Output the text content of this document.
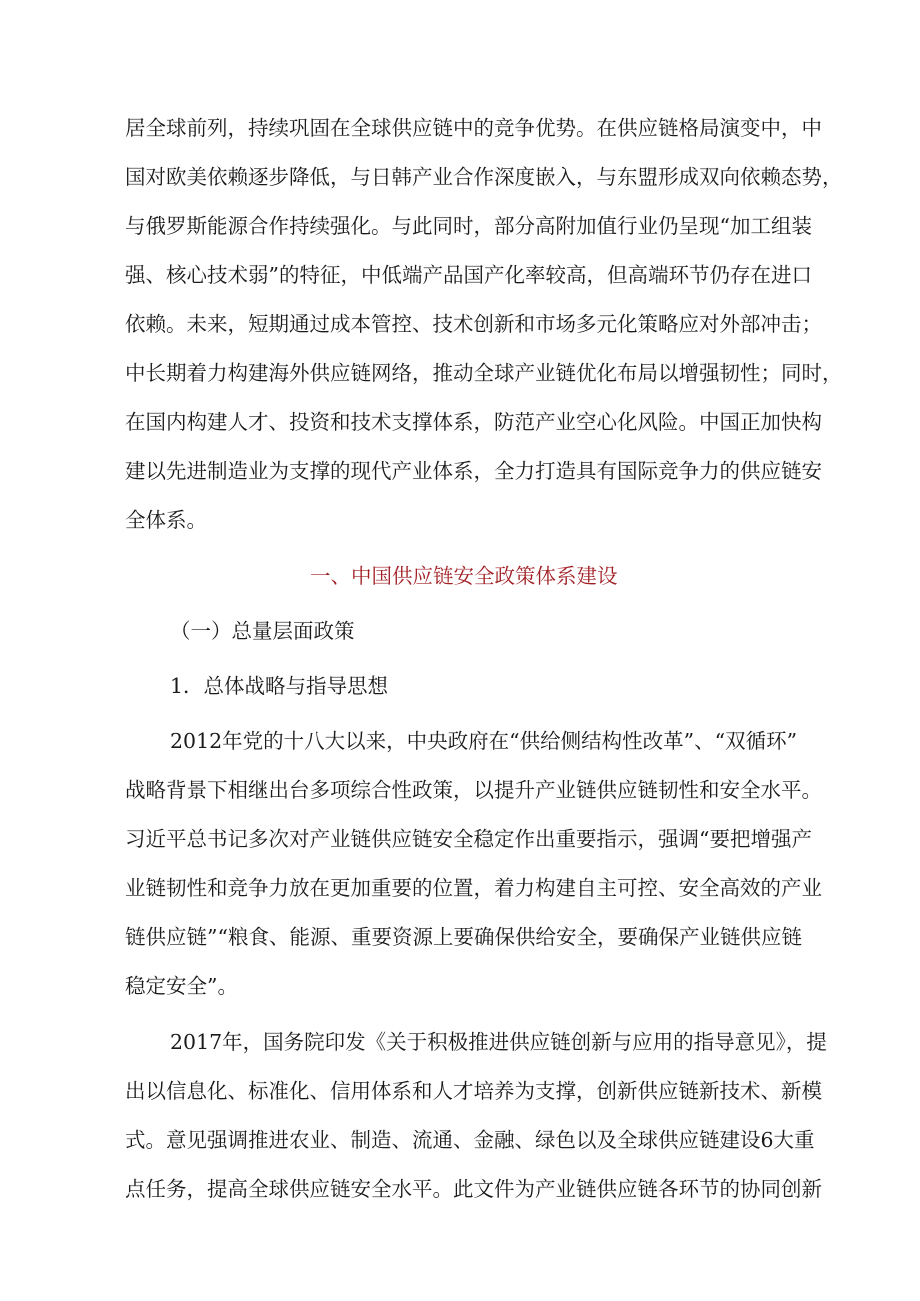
居全球前列，持续巩固在全球供应链中的竞争优势。在供应链格局演变中，中
国对欧美依赖逐步降低，与日韩产业合作深度嵌入，与东盟形成双向依赖态势，
与俄罗斯能源合作持续强化。与此同时，部分高附加值行业仍呈现“加工组装
强、核心技术弱”的特征，中低端产品国产化率较高，但高端环节仍存在进口
依赖。未来，短期通过成本管控、技术创新和市场多元化策略应对外部冲击；
中长期着力构建海外供应链网络，推动全球产业链优化布局以增强韧性；同时，
在国内构建人才、投资和技术支撑体系，防范产业空心化风险。中国正加快构
建以先进制造业为支撑的现代产业体系，全力打造具有国际竞争力的供应链安
全体系。
一、中国供应链安全政策体系建设
（一）总量层面政策
1．总体战略与指导思想
2012年党的十八大以来，中央政府在“供给侧结构性改革”、“双循环”
战略背景下相继出台多项综合性政策，以提升产业链供应链韧性和安全水平。
习近平总书记多次对产业链供应链安全稳定作出重要指示，强调“要把增强产
业链韧性和竞争力放在更加重要的位置，着力构建自主可控、安全高效的产业
链供应链”“粮食、能源、重要资源上要确保供给安全，要确保产业链供应链
稳定安全”。
2017年，国务院印发《关于积极推进供应链创新与应用的指导意见》，提
出以信息化、标准化、信用体系和人才培养为支撑，创新供应链新技术、新模
式。意见强调推进农业、制造、流通、金融、绿色以及全球供应链建设6大重
点任务，提高全球供应链安全水平。此文件为产业链供应链各环节的协同创新
